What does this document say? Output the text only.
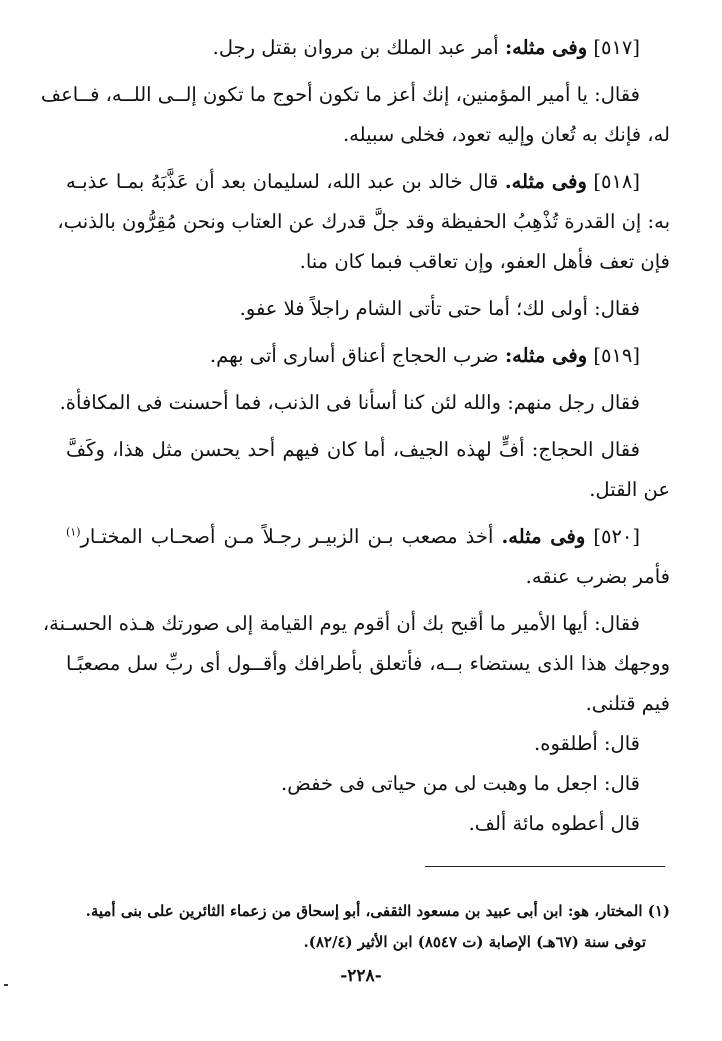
[٥١٧] وفى مثله: أمر عبد الملك بن مروان بقتل رجل.
فقال: يا أمير المؤمنين، إنك أعز ما تكون أحوج ما تكون إلــى اللــه، فــاعف
له، فإنك به تُعان وإليه تعود، فخلى سبيله.
[٥١٨] وفى مثله. قال خالد بن عبد الله، لسليمان بعد أن عَذَّبَهُ بمـا عذبـه
به: إن القدرة تُذْهِبُ الحفيظة وقد جلَّ قدرك عن العتاب ونحن مُقِرُّون بالذنب،
فإن تعف فأهل العفو، وإن تعاقب فبما كان منا.
فقال: أولى لك؛ أما حتى تأتى الشام راجلاً فلا عفو.
[٥١٩] وفى مثله: ضرب الحجاج أعناق أسارى أتى بهم.
فقال رجل منهم: والله لئن كنا أسأنا فى الذنب، فما أحسنت فى المكافأة.
فقال الحجاج: أفٍّ لهذه الجيف، أما كان فيهم أحد يحسن مثل هذا، وكَفَّ
عن القتل.
[٥٢٠] وفى مثله. أخذ مصعب بـن الزبيـر رجـلاً مـن أصحـاب المختـار$^{(١)}$
فأمر بضرب عنقه.
فقال: أيها الأمير ما أقبح بك أن أقوم يوم القيامة إلى صورتك هـذه الحسـنة،
ووجهك هذا الذى يستضاء بــه، فأتعلق بأطرافك وأقــول أى ربِّ سل مصعبًـا
فيم قتلنى.
قال: أطلقوه.
قال: اجعل ما وهبت لى من حياتى فى خفض.
قال أعطوه مائة ألف.
(١) المختار، هو: ابن أبى عبيد بن مسعود الثقفى، أبو إسحاق من زعماء الثائرين على بنى أمية.
توفى سنة (٦٧هـ) الإصابة (ت ٨٥٤٧) ابن الأثير (٨٢/٤).
-٢٢٨-
